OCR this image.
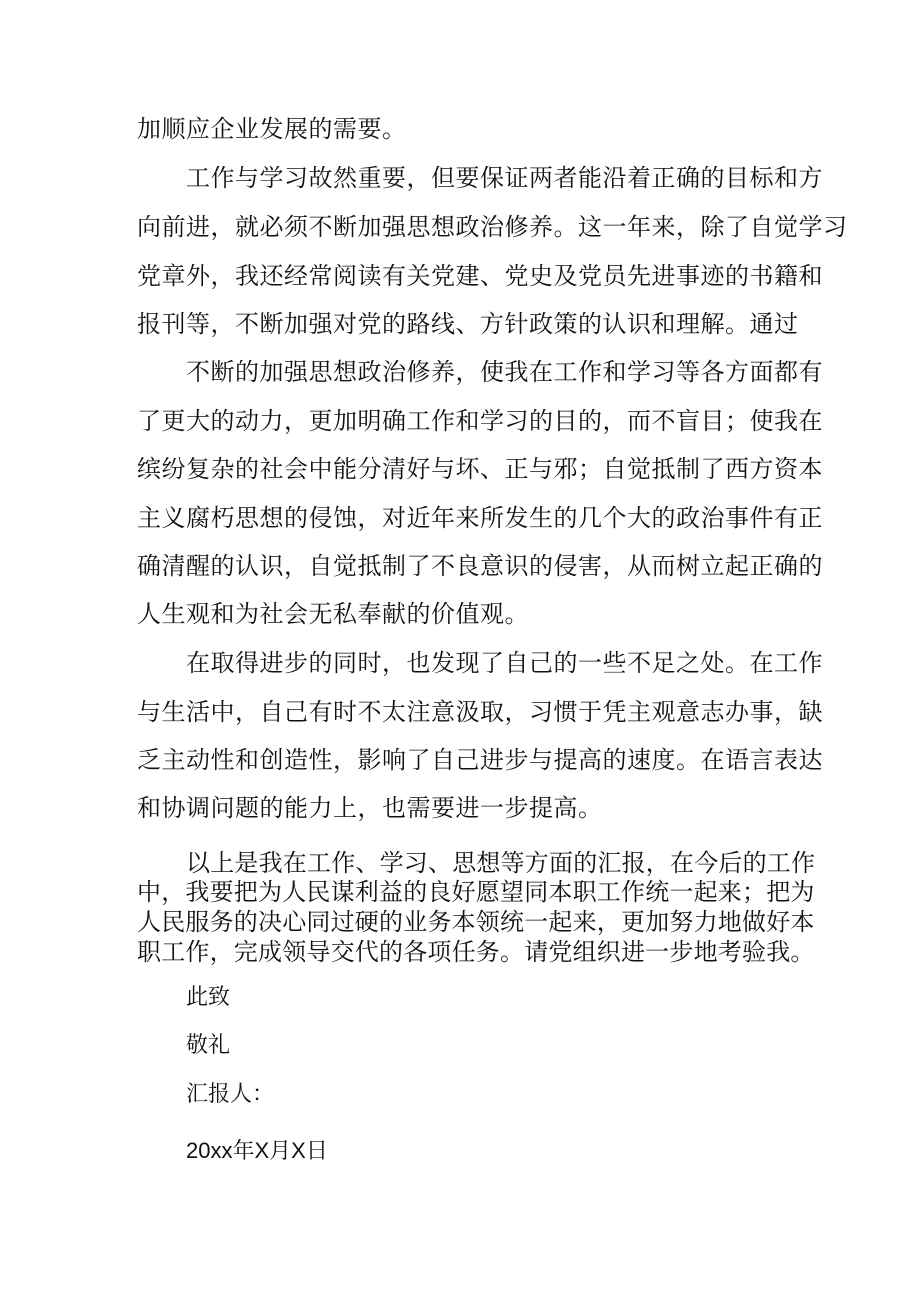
加顺应企业发展的需要。
工作与学习故然重要，但要保证两者能沿着正确的目标和方
向前进，就必须不断加强思想政治修养。这一年来，除了自觉学习
党章外，我还经常阅读有关党建、党史及党员先进事迹的书籍和
报刊等，不断加强对党的路线、方针政策的认识和理解。通过
不断的加强思想政治修养，使我在工作和学习等各方面都有
了更大的动力，更加明确工作和学习的目的，而不盲目；使我在
缤纷复杂的社会中能分清好与坏、正与邪；自觉抵制了西方资本
主义腐朽思想的侵蚀，对近年来所发生的几个大的政治事件有正
确清醒的认识，自觉抵制了不良意识的侵害，从而树立起正确的
人生观和为社会无私奉献的价值观。
在取得进步的同时，也发现了自己的一些不足之处。在工作
与生活中，自己有时不太注意汲取，习惯于凭主观意志办事，缺
乏主动性和创造性，影响了自己进步与提高的速度。在语言表达
和协调问题的能力上，也需要进一步提高。
以上是我在工作、学习、思想等方面的汇报，在今后的工作
中，我要把为人民谋利益的良好愿望同本职工作统一起来；把为
人民服务的决心同过硬的业务本领统一起来，更加努力地做好本
职工作，完成领导交代的各项任务。请党组织进一步地考验我。
此致
敬礼
汇报人：
20xx年X月X日
